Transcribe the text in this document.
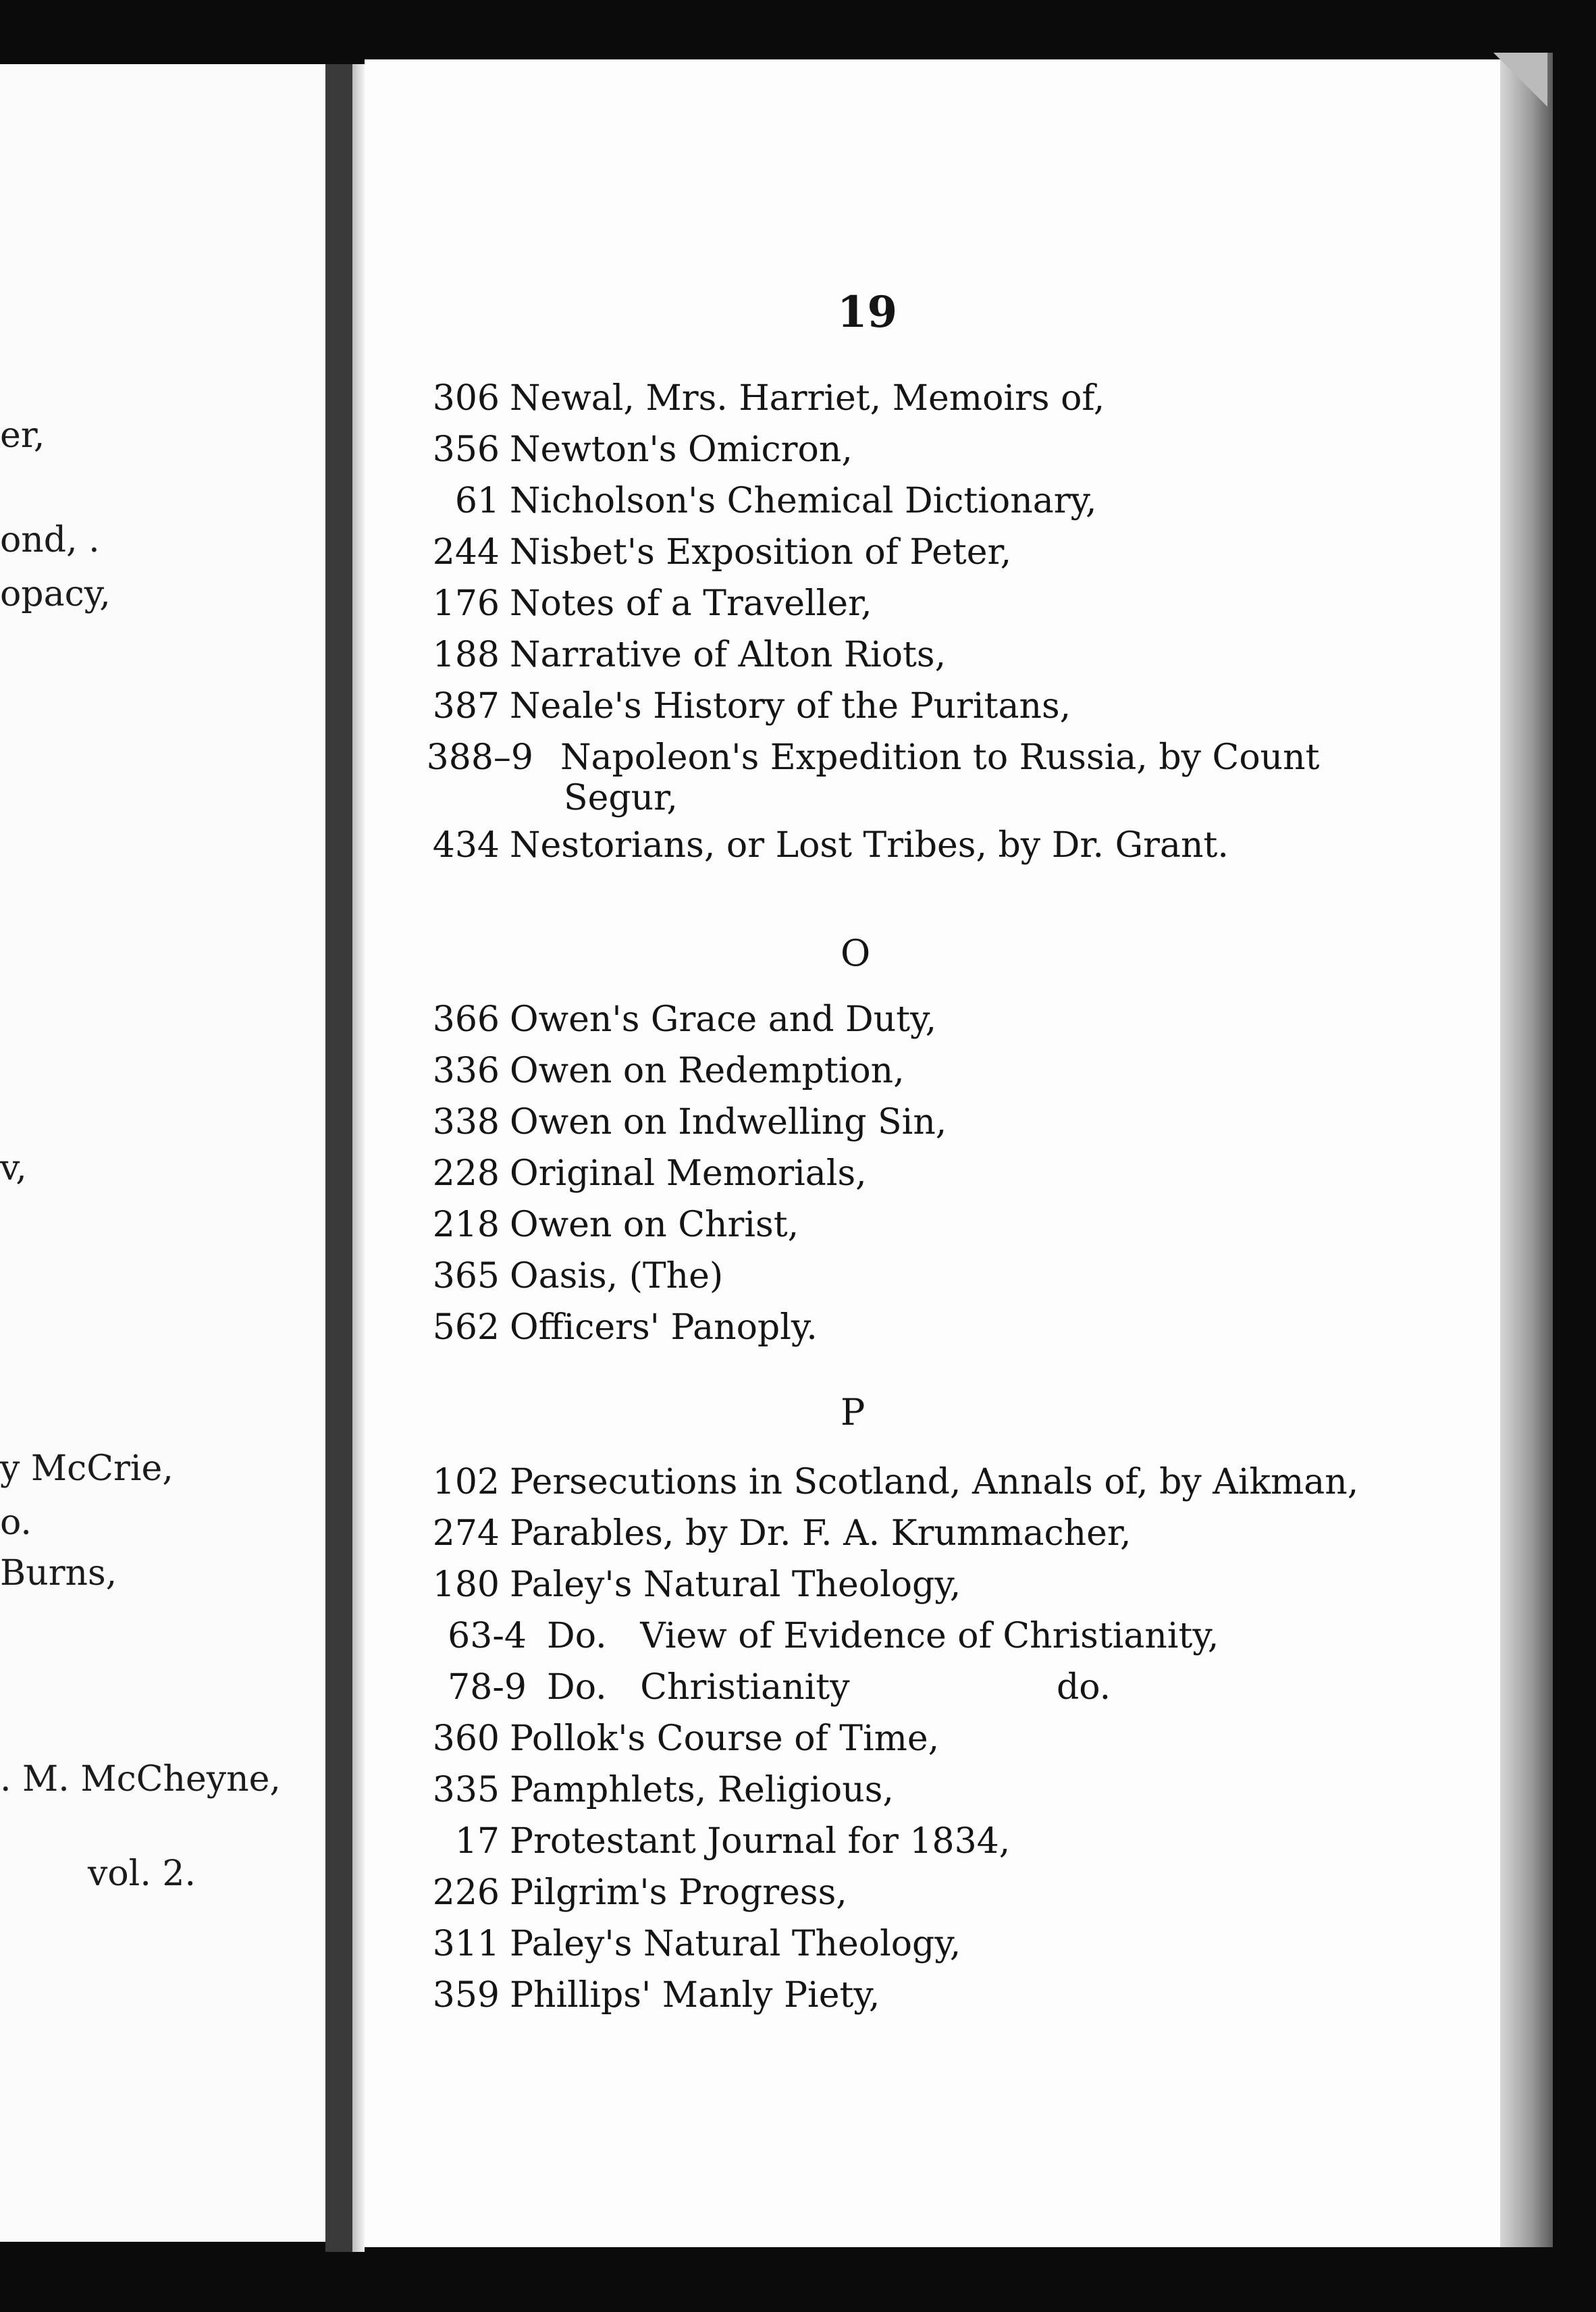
er,
ond, .
opacy,
v,
y McCrie,
o.
Burns,
. M. McCheyne,
vol. 2.
19
306 Newal, Mrs. Harriet, Memoirs of,
356 Newton's Omicron,
61 Nicholson's Chemical Dictionary,
244 Nisbet's Exposition of Peter,
176 Notes of a Traveller,
188 Narrative of Alton Riots,
387 Neale's History of the Puritans,
388–9 Napoleon's Expedition to Russia, by Count
Segur,
434 Nestorians, or Lost Tribes, by Dr. Grant.
O
366 Owen's Grace and Duty,
336 Owen on Redemption,
338 Owen on Indwelling Sin,
228 Original Memorials,
218 Owen on Christ,
365 Oasis, (The)
562 Officers' Panoply.
P
102 Persecutions in Scotland, Annals of, by Aikman,
274 Parables, by Dr. F. A. Krummacher,
180 Paley's Natural Theology,
63-4 Do.   View of Evidence of Christianity,
78-9 Do.   Christianity	do.
360 Pollok's Course of Time,
335 Pamphlets, Religious,
17 Protestant Journal for 1834,
226 Pilgrim's Progress,
311 Paley's Natural Theology,
359 Phillips' Manly Piety,
